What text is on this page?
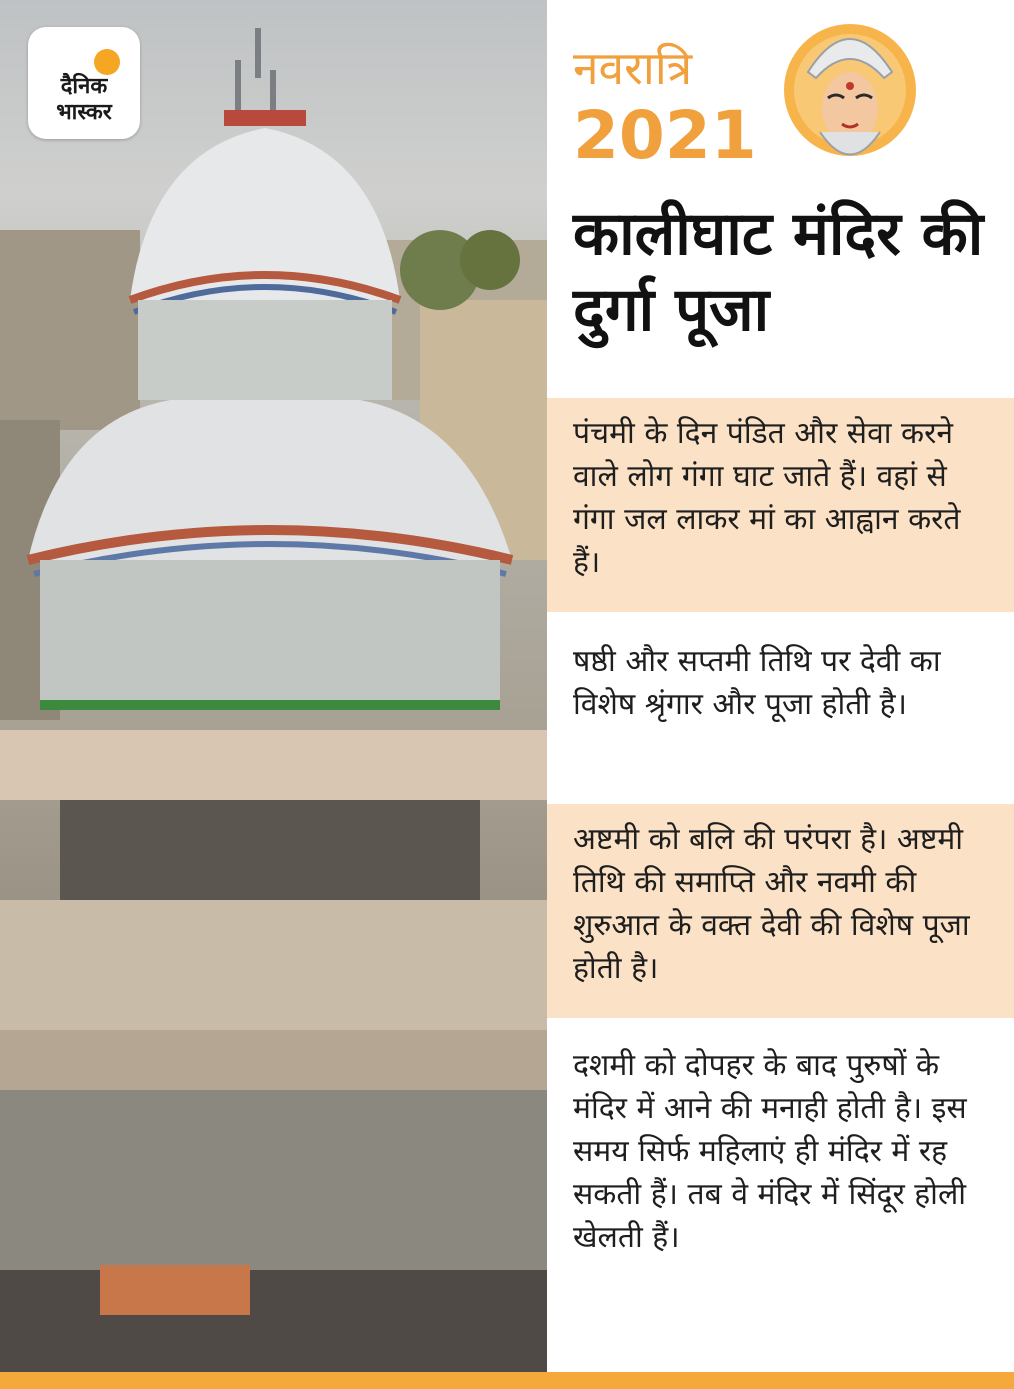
दैनिक
भास्कर
नवरात्रि
2021
कालीघाट मंदिर की दुर्गा पूजा
पंचमी के दिन पंडित और सेवा करने वाले लोग गंगा घाट जाते हैं। वहां से गंगा जल लाकर मां का आह्वान करते हैं।
षष्ठी और सप्तमी तिथि पर देवी का विशेष श्रृंगार और पूजा होती है।
अष्टमी को बलि की परंपरा है। अष्टमी तिथि की समाप्ति और नवमी की शुरुआत के वक्त देवी की विशेष पूजा होती है।
दशमी को दोपहर के बाद पुरुषों के मंदिर में आने की मनाही होती है। इस समय सिर्फ महिलाएं ही मंदिर में रह सकती हैं। तब वे मंदिर में सिंदूर होली खेलती हैं।
